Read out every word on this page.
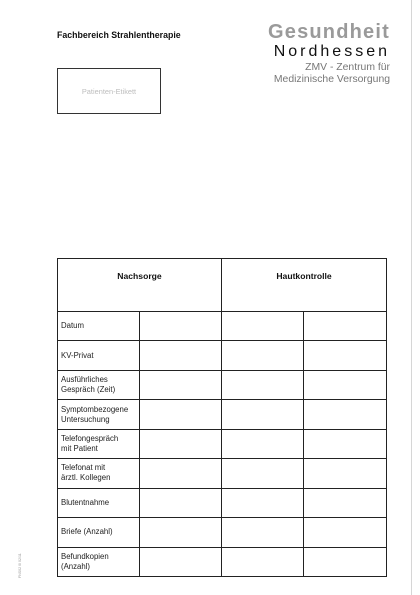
Fachbereich Strahlentherapie	Gesundheit
Nordhessen
ZMV - Zentrum für
Medizinische Versorgung
Patienten-Etikett
Nachsorge		Hautkontrolle	

Datum			

KV-Privat			

Ausführliches
Gespräch (Zeit)			

Symptombezogene
Untersuchung			

Telefongespräch
mit Patient			

Telefonat mit
ärztl. Kollegen			

Blutentnahme			

Briefe (Anzahl)			

Befundkopien
(Anzahl)			

FNS02 0l 02/11
